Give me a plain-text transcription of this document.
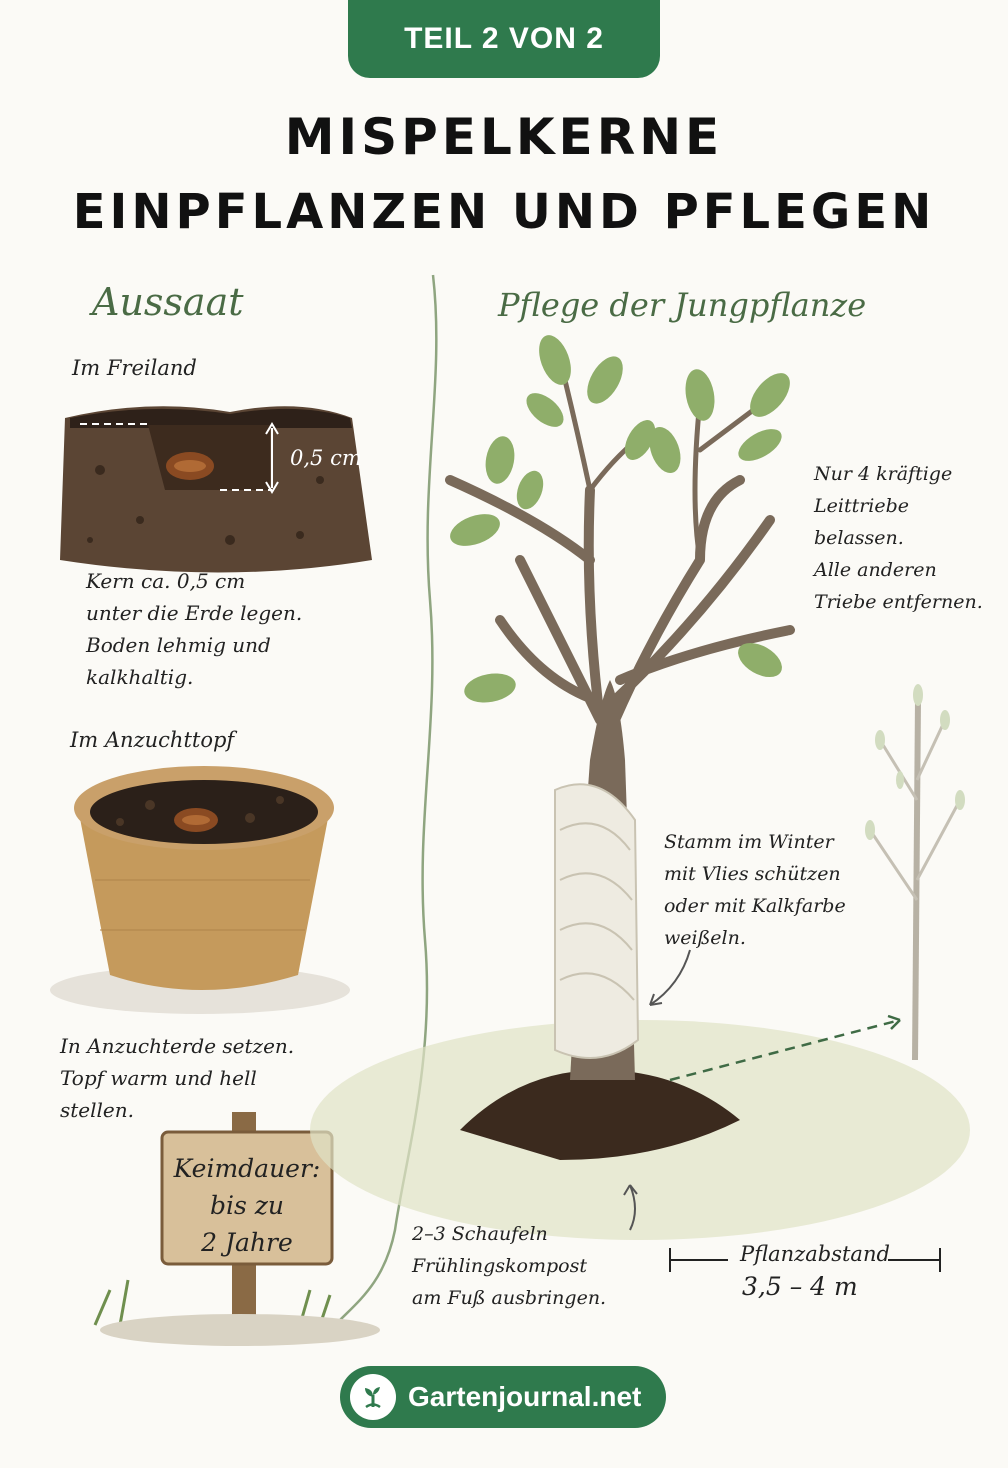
TEIL 2 VON 2
MISPELKERNE
EINPFLANZEN UND PFLEGEN
Aussaat
Im Freiland
0,5 cm
Kern ca. 0,5 cm
unter die Erde legen.
Boden lehmig und
kalkhaltig.
Im Anzuchttopf
In Anzuchterde setzen.
Topf warm und hell
stellen.
Keimdauer:
bis zu
2 Jahre
Pflege der Jungpflanze
Nur 4 kräftige
Leittriebe
belassen.
Alle anderen
Triebe entfernen.
Stamm im Winter
mit Vlies schützen
oder mit Kalkfarbe
weißeln.
2–3 Schaufeln
Frühlingskompost
am Fuß ausbringen.
Pflanzabstand
3,5 – 4 m
Gartenjournal.net
